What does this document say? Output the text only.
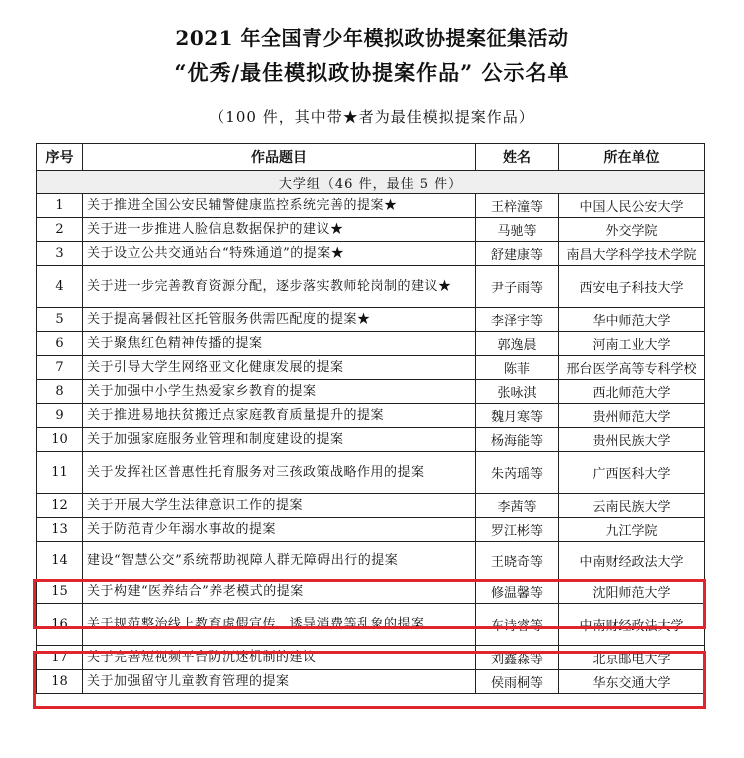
2021 年全国青少年模拟政协提案征集活动
“优秀/最佳模拟政协提案作品” 公示名单
（100 件，其中带★者为最佳模拟提案作品）
序号	作品题目	姓名	所在单位
大学组（46 件，最佳 5 件）			
1	关于推进全国公安民辅警健康监控系统完善的提案★	王梓潼等	中国人民公安大学
2	关于进一步推进人脸信息数据保护的建议★	马驰等	外交学院
3	关于设立公共交通站台“特殊通道”的提案★	舒建康等	南昌大学科学技术学院
4	关于进一步完善教育资源分配，逐步落实教师轮岗制的建议★	尹子雨等	西安电子科技大学
5	关于提高暑假社区托管服务供需匹配度的提案★	李泽宇等	华中师范大学
6	关于聚焦红色精神传播的提案	郭逸晨	河南工业大学
7	关于引导大学生网络亚文化健康发展的提案	陈菲	邢台医学高等专科学校
8	关于加强中小学生热爱家乡教育的提案	张咏淇	西北师范大学
9	关于推进易地扶贫搬迁点家庭教育质量提升的提案	魏月寒等	贵州师范大学
10	关于加强家庭服务业管理和制度建设的提案	杨海能等	贵州民族大学
11	关于发挥社区普惠性托育服务对三孩政策战略作用的提案	朱芮瑶等	广西医科大学
12	关于开展大学生法律意识工作的提案	李茜等	云南民族大学
13	关于防范青少年溺水事故的提案	罗江彬等	九江学院
14	建设“智慧公交”系统帮助视障人群无障碍出行的提案	王晓奇等	中南财经政法大学
15	关于构建“医养结合”养老模式的提案	修温馨等	沈阳师范大学
16	关于规范整治线上教育虚假宣传、诱导消费等乱象的提案	车诗睿等	中南财经政法大学
17	关于完善短视频平台防沉迷机制的建议	刘鑫淼等	北京邮电大学
18	关于加强留守儿童教育管理的提案	侯雨桐等	华东交通大学
